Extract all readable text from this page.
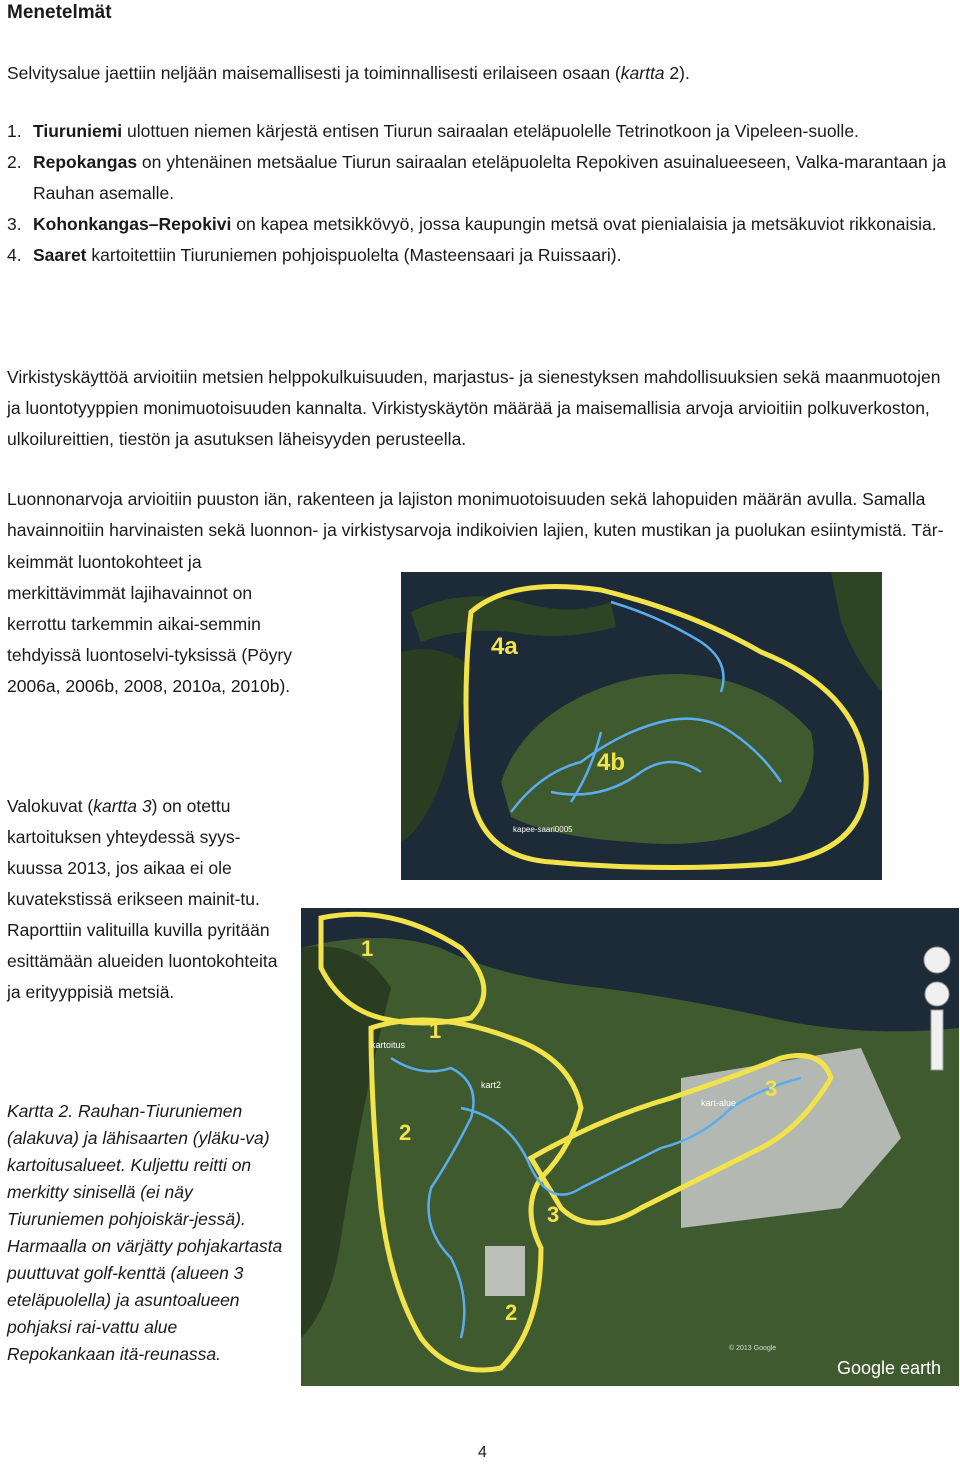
Menetelmät

Selvitysalue jaettiin neljään maisemallisesti ja toiminnallisesti erilaiseen osaan (kartta 2).

1. Tiuruniemi ulottuen niemen kärjestä entisen Tiurun sairaalan eteläpuolelle Tetrinotkoon ja Vipeleen-suolle.
2. Repokangas on yhtenäinen metsäalue Tiurun sairaalan eteläpuolelta Repokiven asuinalueeseen, Valka-marantaan ja Rauhan asemalle.
3. Kohonkangas–Repokivi on kapea metsikkövyö, jossa kaupungin metsä ovat pienialaisia ja metsäkuviot rikkonaisia.
4. Saaret kartoitettiin Tiuruniemen pohjoispuolelta (Masteensaari ja Ruissaari).

Virkistyskäyttöä arvioitiin metsien helppokulkuisuuden, marjastus- ja sienestyksen mahdollisuuksien sekä maanmuotojen ja luontotyyppien monimuotoisuuden kannalta. Virkistyskäytön määrää ja maisemallisia arvoja arvioitiin polkuverkoston, ulkoilureittien, tiestön ja asutuksen läheisyyden perusteella.

Luonnonarvoja arvioitiin puuston iän, rakenteen ja lajiston monimuotoisuuden sekä lahopuiden määrän avulla. Samalla havainnoitiin harvinaisten sekä luonnon- ja virkistysarvoja indikoivien lajien, kuten mustikan ja puolukan esiintymistä. Tär-

keimmät luontokohteet ja merkittävimmät lajihavainnot on kerrottu tarkemmin aikai-semmin tehdyissä luontoselvi-tyksissä (Pöyry 2006a, 2006b, 2008, 2010a, 2010b).

Valokuvat (kartta 3) on otettu kartoituksen yhteydessä syys-kuussa 2013, jos aikaa ei ole kuvatekstissä erikseen mainit-tu. Raporttiin valituilla kuvilla pyritään esittämään alueiden luontokohteita ja erityyppisiä metsiä.

Kartta 2. Rauhan-Tiuruniemen (alakuva) ja lähisaarten (yläku-va) kartoitusalueet. Kuljettu reitti on merkitty sinisellä (ei näy Tiuruniemen pohjoiskär-jessä). Harmaalla on värjätty pohjakartasta puuttuvat golf-kenttä (alueen 3 eteläpuolella) ja asuntoalueen pohjaksi rai-vattu alue Repokankaan itä-reunassa.

4a
4b
kapee-saari0005
1
1
2
2
3
3
kartoitus
kart2
kart-alue
Google earth
© 2013 Google
4
